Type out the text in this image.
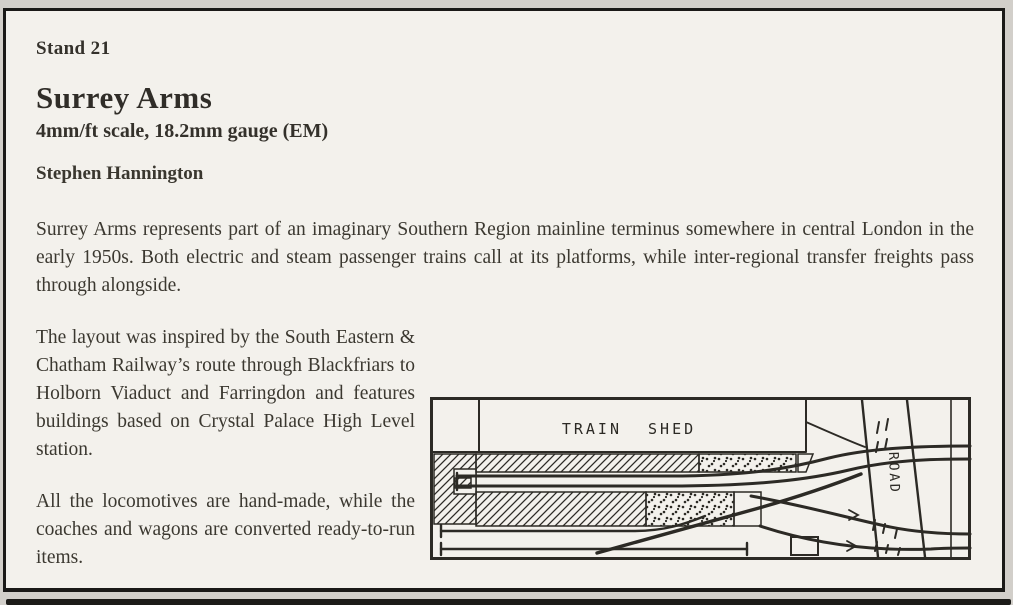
Stand 21
Surrey Arms
4mm/ft scale, 18.2mm gauge (EM)
Stephen Hannington
Surrey Arms represents part of an imaginary Southern Region mainline terminus somewhere in central London in the early 1950s. Both electric and steam passenger trains call at its platforms, while inter-regional transfer freights pass through alongside.
TRAIN SHED
ROAD
The layout was inspired by the South Eastern & Chatham Railway’s route through Blackfriars to Holborn Viaduct and Farringdon and features buildings based on Crystal Palace High Level station.
All the locomotives are hand-made, while the coaches and wagons are converted ready-to-run items.
